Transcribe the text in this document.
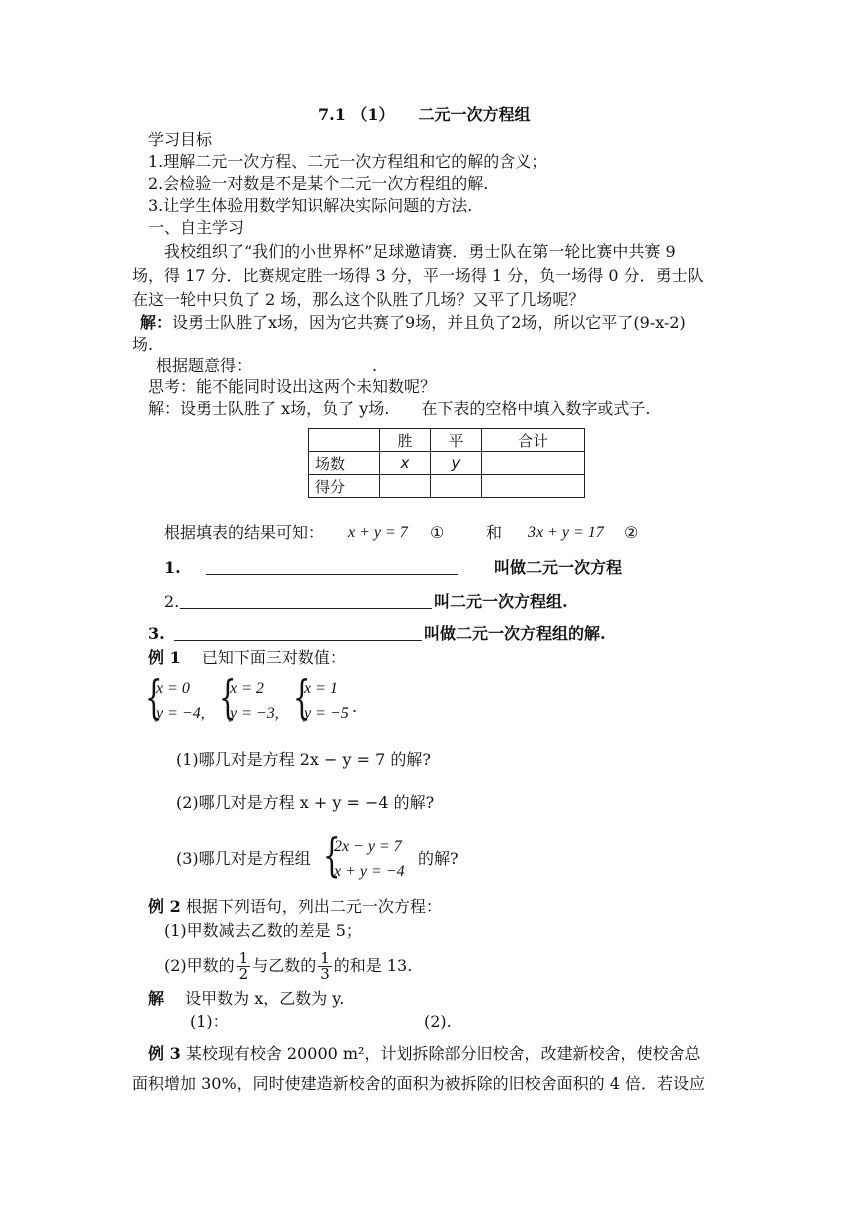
7.1 （1）　　二元一次方程组
学习目标
1.理解二元一次方程、二元一次方程组和它的解的含义；
2.会检验一对数是不是某个二元一次方程组的解.
3.让学生体验用数学知识解决实际问题的方法.
一、自主学习
我校组织了“我们的小世界杯”足球邀请赛．勇士队在第一轮比赛中共赛 9
场，得 17 分．比赛规定胜一场得 3 分，平一场得 1 分，负一场得 0 分．勇士队
在这一轮中只负了 2 场，那么这个队胜了几场？又平了几场呢？
解：设勇士队胜了x场，因为它共赛了9场，并且负了2场，所以它平了(9-x-2)
场.
根据题意得：	.
思考：能不能同时设出这两个未知数呢？
解：设勇士队胜了 x场，负了 y场.　　在下表的空格中填入数字或式子.
	胜	平	合计
场数	x	y	
得分			
根据填表的结果可知： x + y = 7 ①	和 3x + y = 17 ②
1.	叫做二元一次方程
2.	叫二元一次方程组.
3.	叫做二元一次方程组的解.
例 1　 已知下面三对数值：
{
x = 0
y = −4, {
x = 2
y = −3, {
x = 1
y = −5 .
(1)哪几对是方程 2x − y = 7 的解?
(2)哪几对是方程 x + y = −4 的解?
(3)哪几对是方程组 {
2x − y = 7
x + y = −4
的解?
例 2 根据下列语句，列出二元一次方程：
(1)甲数减去乙数的差是 5；
(2)甲数的 $\frac{1}{2}$ 与乙数的 $\frac{1}{3}$ 的和是 13.
解　 设甲数为 x，乙数为 y.
(1)：	(2).
例 3 某校现有校舍 20000 m²，计划拆除部分旧校舍，改建新校舍，使校舍总
面积增加 30%，同时使建造新校舍的面积为被拆除的旧校舍面积的 4 倍．若设应
